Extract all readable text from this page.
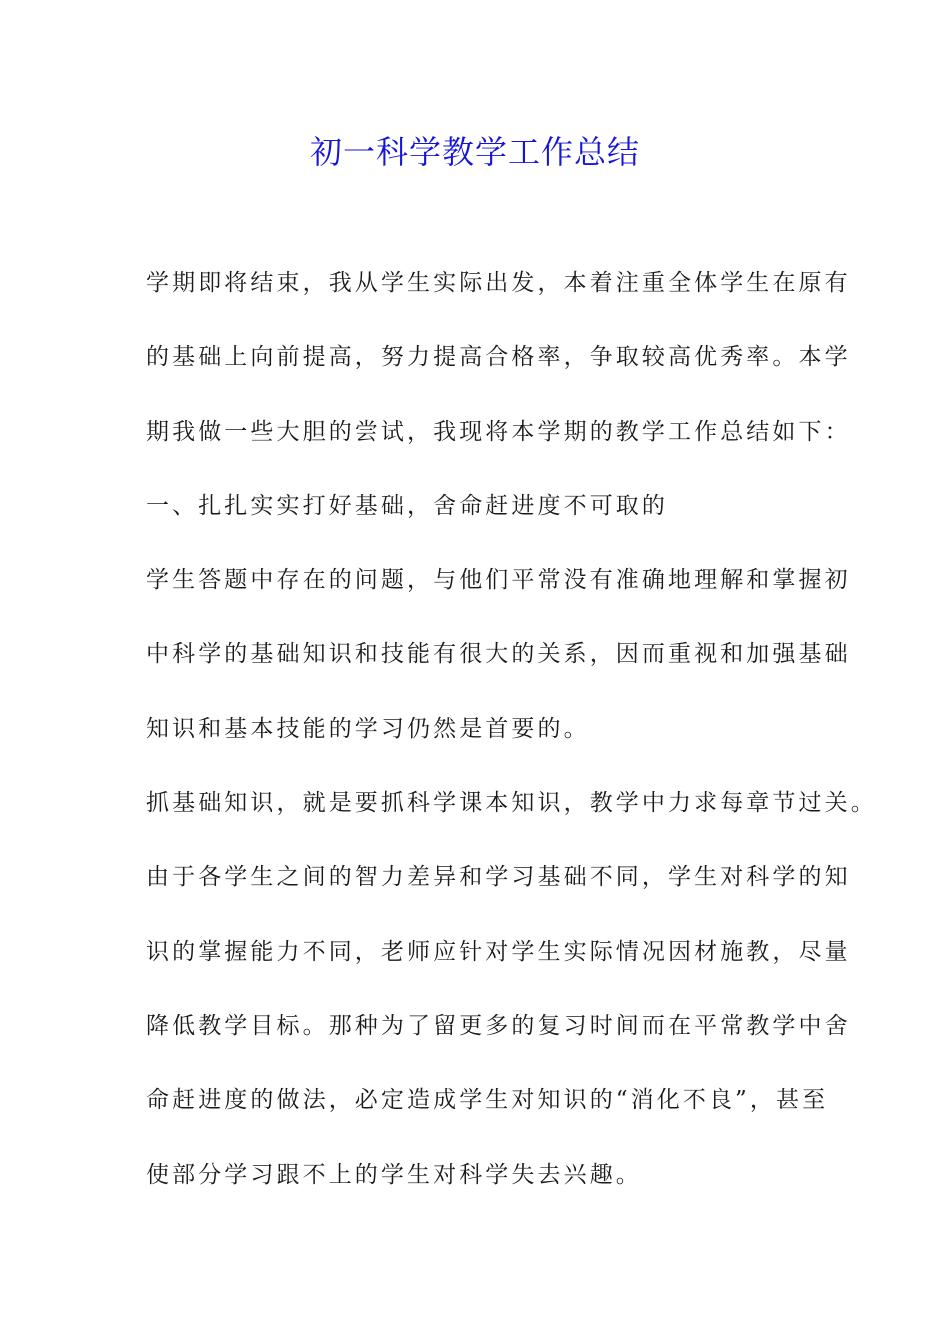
初一科学教学工作总结

学期即将结束，我从学生实际出发，本着注重全体学生在原有

的基础上向前提高，努力提高合格率，争取较高优秀率。本学

期我做一些大胆的尝试，我现将本学期的教学工作总结如下：

一、扎扎实实打好基础，舍命赶进度不可取的

学生答题中存在的问题，与他们平常没有准确地理解和掌握初

中科学的基础知识和技能有很大的关系，因而重视和加强基础

知识和基本技能的学习仍然是首要的。

抓基础知识，就是要抓科学课本知识，教学中力求每章节过关。

由于各学生之间的智力差异和学习基础不同，学生对科学的知

识的掌握能力不同，老师应针对学生实际情况因材施教，尽量

降低教学目标。那种为了留更多的复习时间而在平常教学中舍

命赶进度的做法，必定造成学生对知识的“消化不良”，甚至

使部分学习跟不上的学生对科学失去兴趣。
